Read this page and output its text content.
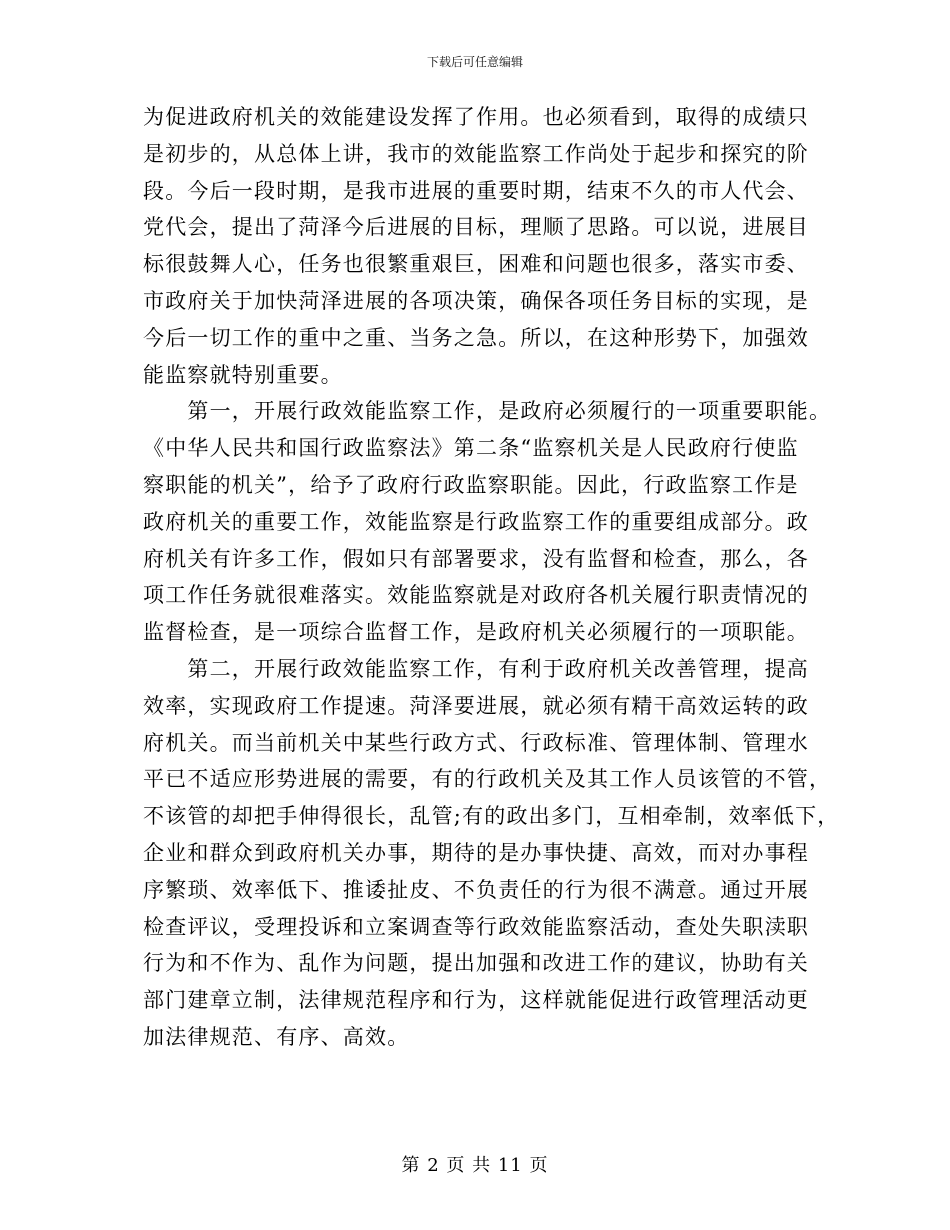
下载后可任意编辑
为促进政府机关的效能建设发挥了作用。也必须看到，取得的成绩只
是初步的，从总体上讲，我市的效能监察工作尚处于起步和探究的阶
段。今后一段时期，是我市进展的重要时期，结束不久的市人代会、
党代会，提出了菏泽今后进展的目标，理顺了思路。可以说，进展目
标很鼓舞人心，任务也很繁重艰巨，困难和问题也很多，落实市委、
市政府关于加快菏泽进展的各项决策，确保各项任务目标的实现，是
今后一切工作的重中之重、当务之急。所以，在这种形势下，加强效
能监察就特别重要。
　　第一，开展行政效能监察工作，是政府必须履行的一项重要职能。
《中华人民共和国行政监察法》第二条“监察机关是人民政府行使监
察职能的机关”，给予了政府行政监察职能。因此，行政监察工作是
政府机关的重要工作，效能监察是行政监察工作的重要组成部分。政
府机关有许多工作，假如只有部署要求，没有监督和检查，那么，各
项工作任务就很难落实。效能监察就是对政府各机关履行职责情况的
监督检查，是一项综合监督工作，是政府机关必须履行的一项职能。
　　第二，开展行政效能监察工作，有利于政府机关改善管理，提高
效率，实现政府工作提速。菏泽要进展，就必须有精干高效运转的政
府机关。而当前机关中某些行政方式、行政标准、管理体制、管理水
平已不适应形势进展的需要，有的行政机关及其工作人员该管的不管，
不该管的却把手伸得很长，乱管;有的政出多门，互相牵制，效率低下，
企业和群众到政府机关办事，期待的是办事快捷、高效，而对办事程
序繁琐、效率低下、推诿扯皮、不负责任的行为很不满意。通过开展
检查评议，受理投诉和立案调查等行政效能监察活动，查处失职渎职
行为和不作为、乱作为问题，提出加强和改进工作的建议，协助有关
部门建章立制，法律规范程序和行为，这样就能促进行政管理活动更
加法律规范、有序、高效。
第 2 页 共 11 页
